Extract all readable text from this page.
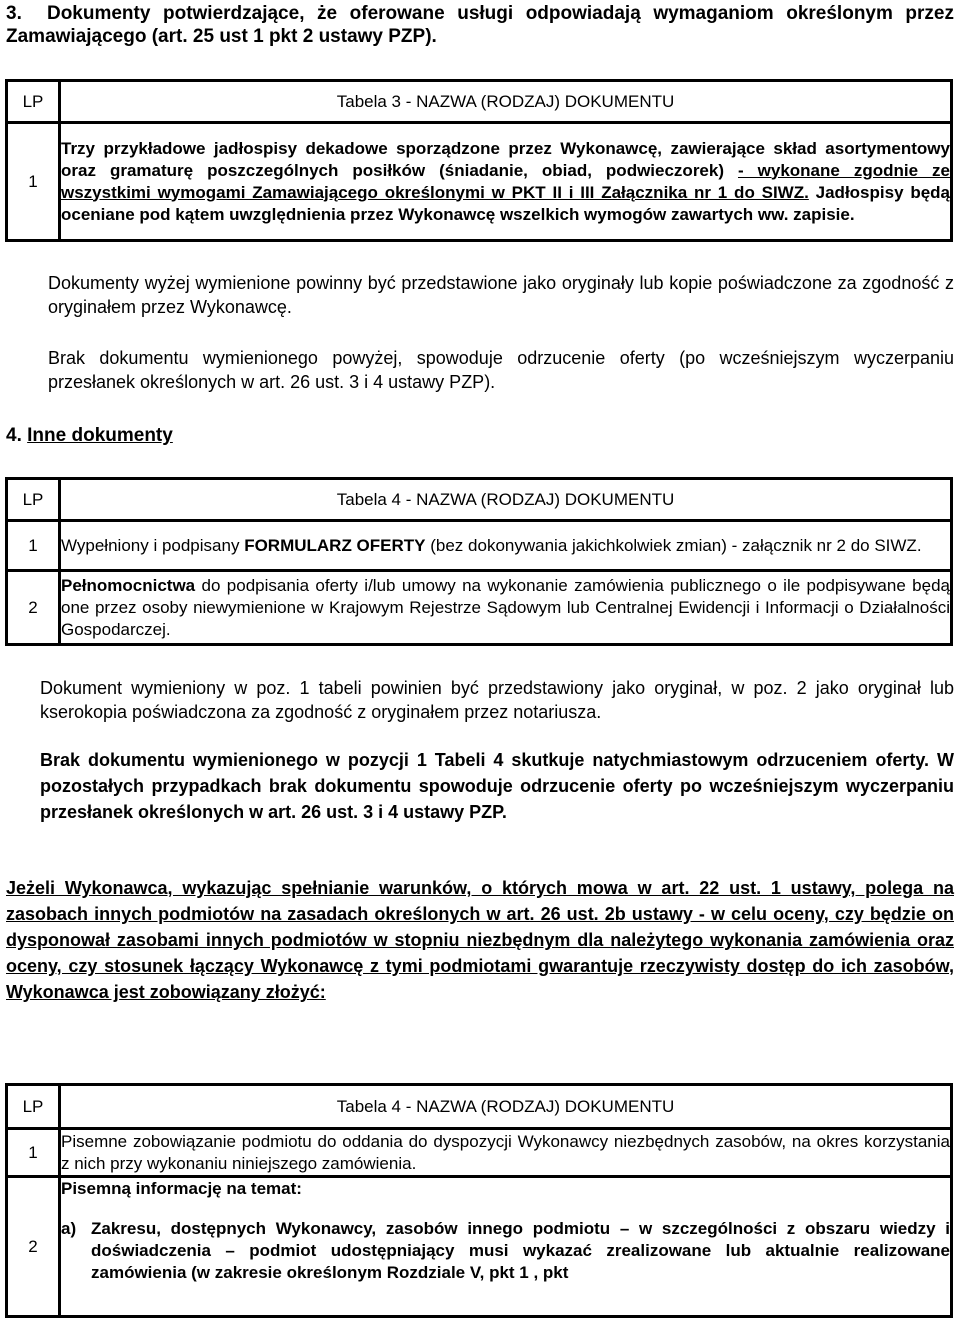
3. Dokumenty potwierdzające, że oferowane usługi odpowiadają wymaganiom określonym przez Zamawiającego (art. 25 ust 1 pkt 2 ustawy PZP).
LP	Tabela 3 - NAZWA (RODZAJ) DOKUMENTU
1	Trzy przykładowe jadłospisy dekadowe sporządzone przez Wykonawcę, zawierające skład asortymentowy oraz gramaturę poszczególnych posiłków (śniadanie, obiad, podwieczorek) - wykonane zgodnie ze wszystkimi wymogami Zamawiającego określonymi w PKT II i III Załącznika nr 1 do SIWZ. Jadłospisy będą oceniane pod kątem uwzględnienia przez Wykonawcę wszelkich wymogów zawartych ww. zapisie.
Dokumenty wyżej wymienione powinny być przedstawione jako oryginały lub kopie poświadczone za zgodność z oryginałem przez Wykonawcę.
Brak dokumentu wymienionego powyżej, spowoduje odrzucenie oferty (po wcześniejszym wyczerpaniu przesłanek określonych w art. 26 ust. 3 i 4 ustawy PZP).
4. Inne dokumenty
LP	Tabela 4 - NAZWA (RODZAJ) DOKUMENTU
1	Wypełniony i podpisany FORMULARZ OFERTY (bez dokonywania jakichkolwiek zmian) - załącznik nr 2 do SIWZ.
2	Pełnomocnictwa do podpisania oferty i/lub umowy na wykonanie zamówienia publicznego o ile podpisywane będą one przez osoby niewymienione w Krajowym Rejestrze Sądowym lub Centralnej Ewidencji i Informacji o Działalności Gospodarczej.
Dokument wymieniony w poz. 1 tabeli powinien być przedstawiony jako oryginał, w poz. 2 jako oryginał lub kserokopia poświadczona za zgodność z oryginałem przez notariusza.
Brak dokumentu wymienionego w pozycji 1 Tabeli 4 skutkuje natychmiastowym odrzuceniem oferty. W pozostałych przypadkach brak dokumentu spowoduje odrzucenie oferty po wcześniejszym wyczerpaniu przesłanek określonych w art. 26 ust. 3 i 4 ustawy PZP.
Jeżeli Wykonawca, wykazując spełnianie warunków, o których mowa w art. 22 ust. 1 ustawy, polega na zasobach innych podmiotów na zasadach określonych w art. 26 ust. 2b ustawy - w celu oceny, czy będzie on dysponował zasobami innych podmiotów w stopniu niezbędnym dla należytego wykonania zamówienia oraz oceny, czy stosunek łączący Wykonawcę z tymi podmiotami gwarantuje rzeczywisty dostęp do ich zasobów, Wykonawca jest zobowiązany złożyć:
LP	Tabela 4 - NAZWA (RODZAJ) DOKUMENTU
1	Pisemne zobowiązanie podmiotu do oddania do dyspozycji Wykonawcy niezbędnych zasobów, na okres korzystania z nich przy wykonaniu niniejszego zamówienia.
2	Pisemną informację na temat:
a) Zakresu, dostępnych Wykonawcy, zasobów innego podmiotu – w szczególności z obszaru wiedzy i doświadczenia – podmiot udostępniający musi wykazać zrealizowane lub aktualnie realizowane zamówienia (w zakresie określonym Rozdziale V, pkt 1 , pkt
